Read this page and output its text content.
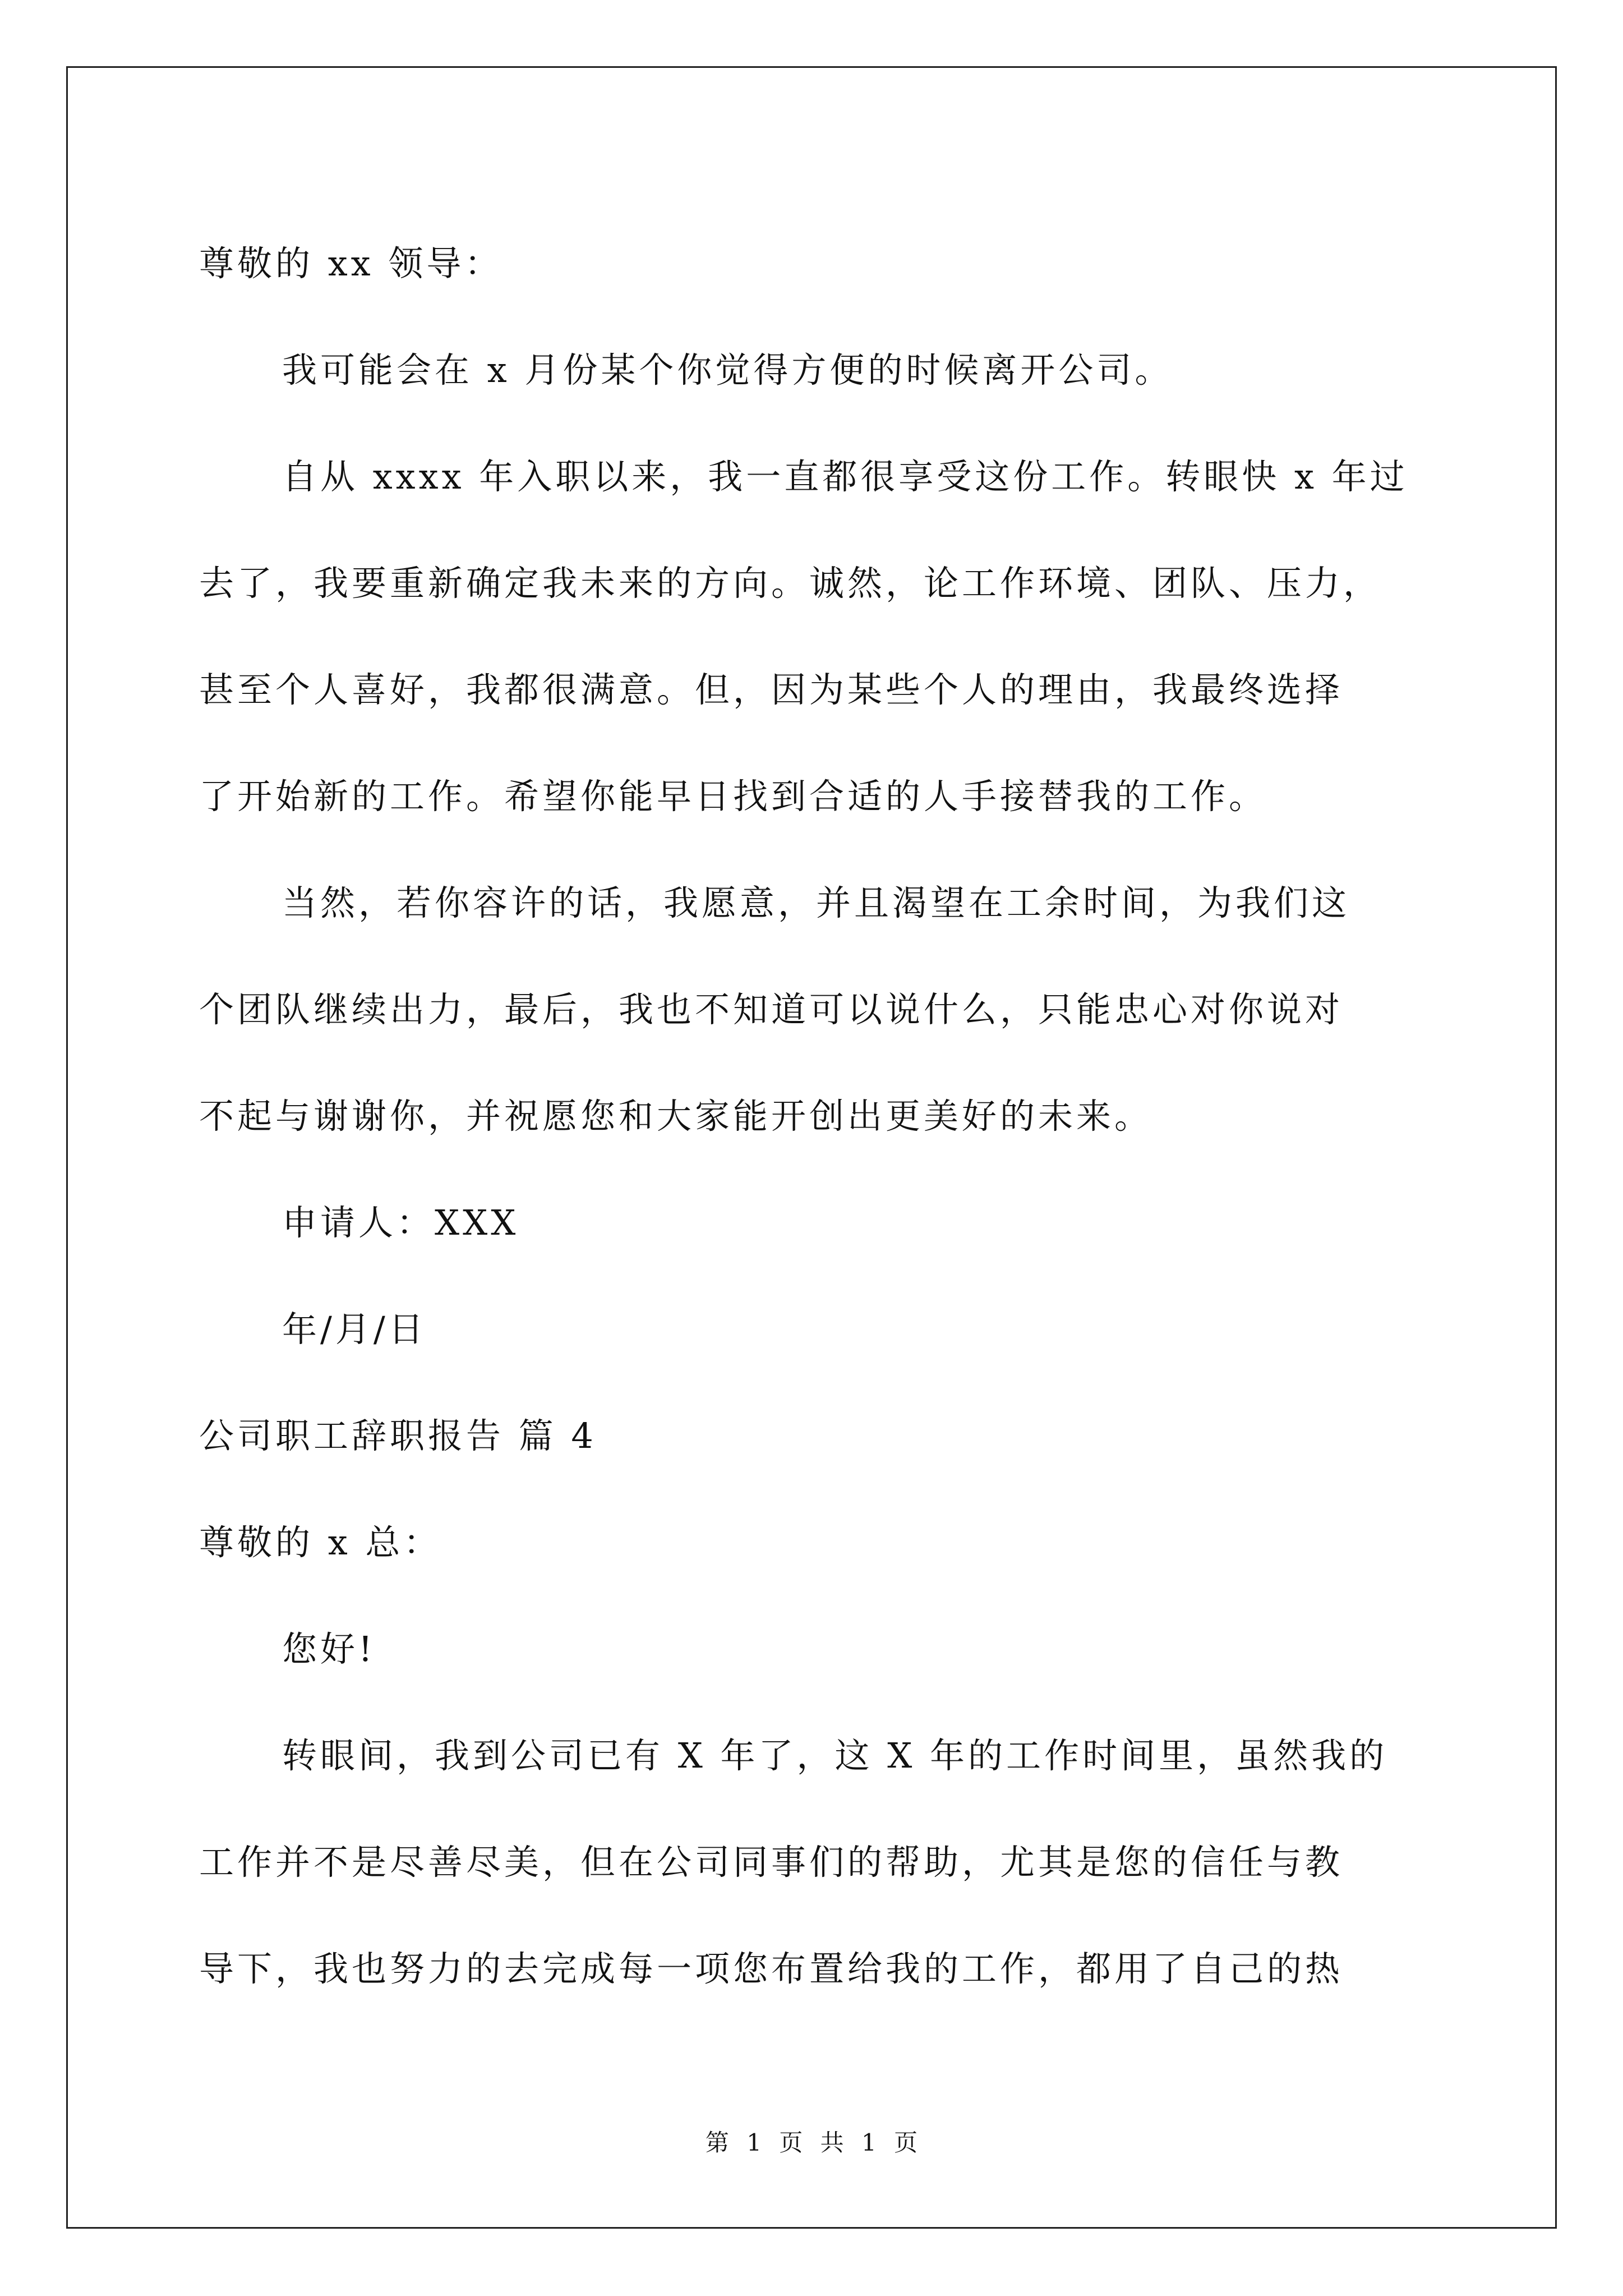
尊敬的 xx 领导：
我可能会在 x 月份某个你觉得方便的时候离开公司。
自从 xxxx 年入职以来，我一直都很享受这份工作。转眼快 x 年过
去了，我要重新确定我未来的方向。诚然，论工作环境、团队、压力，
甚至个人喜好，我都很满意。但，因为某些个人的理由，我最终选择
了开始新的工作。希望你能早日找到合适的人手接替我的工作。
当然，若你容许的话，我愿意，并且渴望在工余时间，为我们这
个团队继续出力，最后，我也不知道可以说什么，只能忠心对你说对
不起与谢谢你，并祝愿您和大家能开创出更美好的未来。
申请人：XXX
年/月/日
公司职工辞职报告 篇 4
尊敬的 x 总：
您好!
转眼间，我到公司已有 X 年了，这 X 年的工作时间里，虽然我的
工作并不是尽善尽美，但在公司同事们的帮助，尤其是您的信任与教
导下，我也努力的去完成每一项您布置给我的工作，都用了自己的热
第 1 页 共 1 页
